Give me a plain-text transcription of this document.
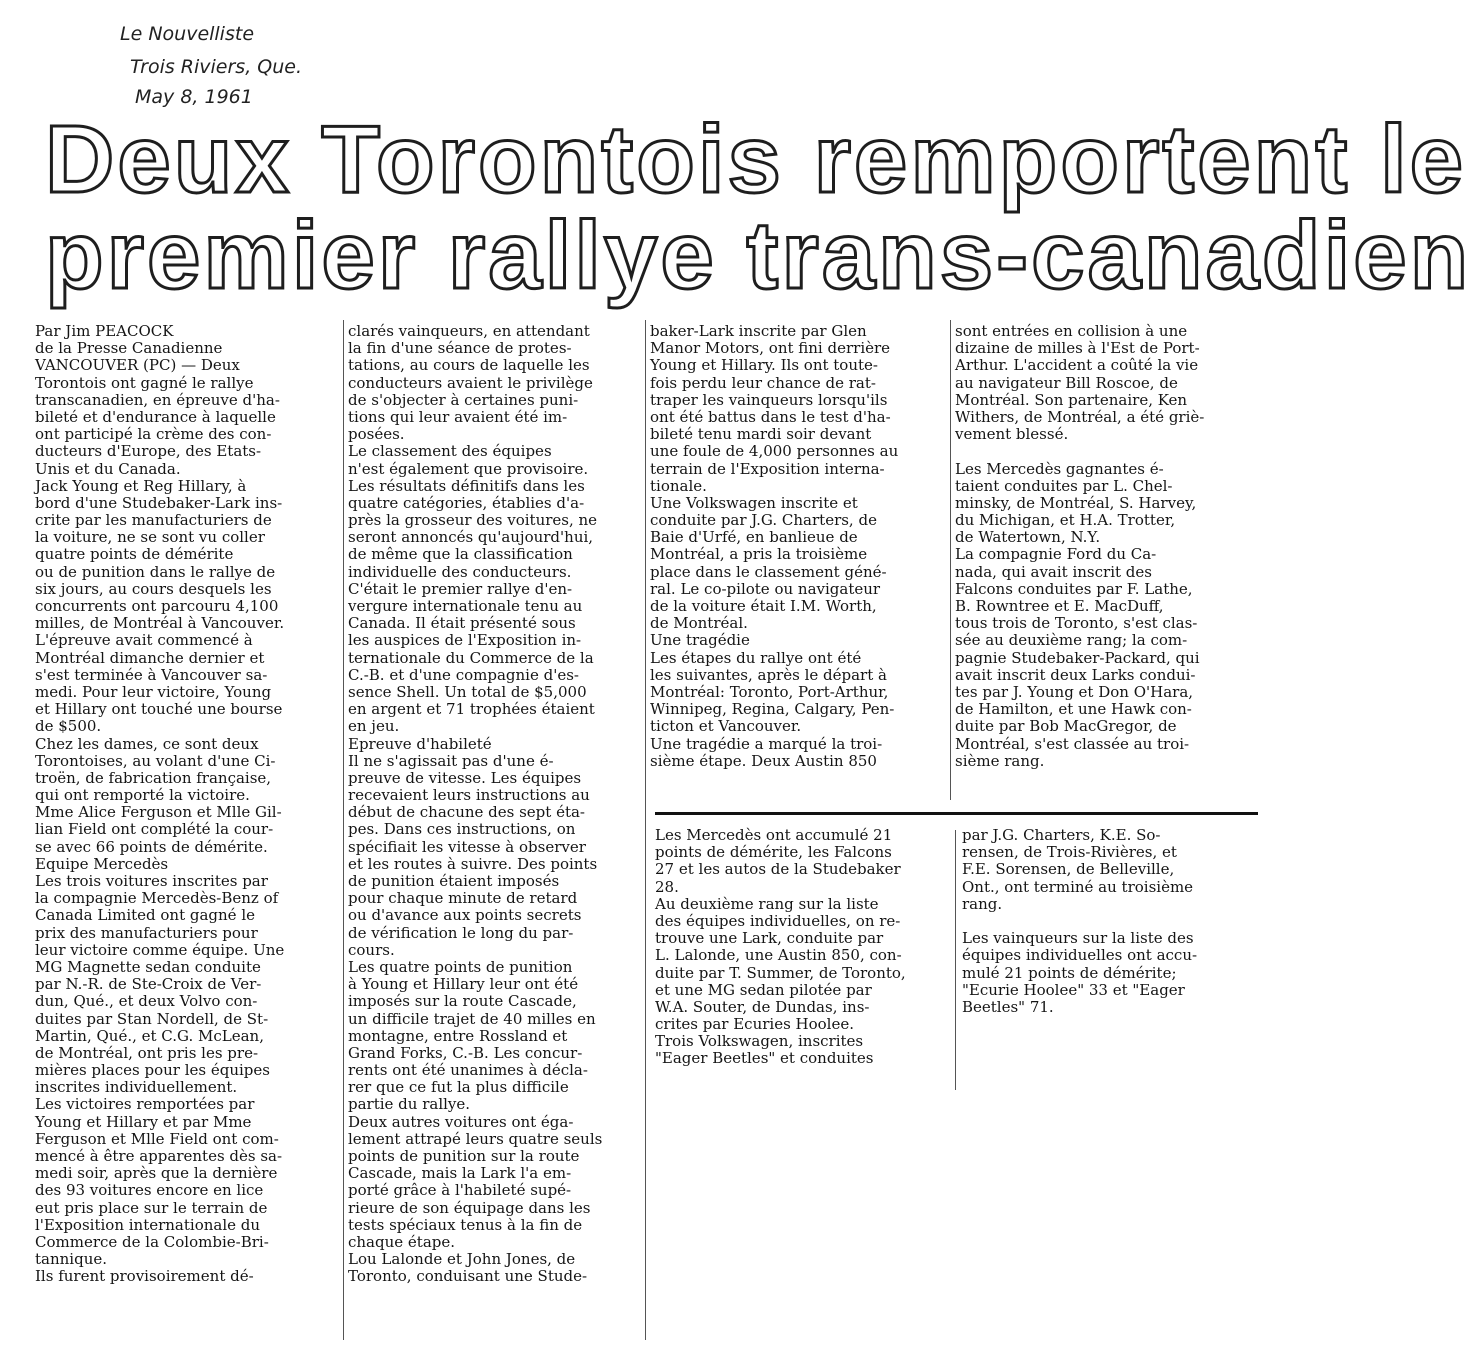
Le Nouvelliste
Trois Riviers, Que.
May 8, 1961
Deux Torontois remportent le
premier rallye trans-canadien
Par Jim PEACOCK
de la Presse Canadienne
VANCOUVER (PC) — Deux
Torontois ont gagné le rallye
transcanadien, en épreuve d'ha-
bileté et d'endurance à laquelle
ont participé la crème des con-
ducteurs d'Europe, des Etats-
Unis et du Canada.
Jack Young et Reg Hillary, à
bord d'une Studebaker-Lark ins-
crite par les manufacturiers de
la voiture, ne se sont vu coller
quatre points de démérite
ou de punition dans le rallye de
six jours, au cours desquels les
concurrents ont parcouru 4,100
milles, de Montréal à Vancouver.
L'épreuve avait commencé à
Montréal dimanche dernier et
s'est terminée à Vancouver sa-
medi. Pour leur victoire, Young
et Hillary ont touché une bourse
de $500.
Chez les dames, ce sont deux
Torontoises, au volant d'une Ci-
troën, de fabrication française,
qui ont remporté la victoire.
Mme Alice Ferguson et Mlle Gil-
lian Field ont complété la cour-
se avec 66 points de démérite.
Equipe Mercedès
Les trois voitures inscrites par
la compagnie Mercedès-Benz of
Canada Limited ont gagné le
prix des manufacturiers pour
leur victoire comme équipe. Une
MG Magnette sedan conduite
par N.-R. de Ste-Croix de Ver-
dun, Qué., et deux Volvo con-
duites par Stan Nordell, de St-
Martin, Qué., et C.G. McLean,
de Montréal, ont pris les pre-
mières places pour les équipes
inscrites individuellement.
Les victoires remportées par
Young et Hillary et par Mme
Ferguson et Mlle Field ont com-
mencé à être apparentes dès sa-
medi soir, après que la dernière
des 93 voitures encore en lice
eut pris place sur le terrain de
l'Exposition internationale du
Commerce de la Colombie-Bri-
tannique.
Ils furent provisoirement dé-
clarés vainqueurs, en attendant
la fin d'une séance de protes-
tations, au cours de laquelle les
conducteurs avaient le privilège
de s'objecter à certaines puni-
tions qui leur avaient été im-
posées.
Le classement des équipes
n'est également que provisoire.
Les résultats définitifs dans les
quatre catégories, établies d'a-
près la grosseur des voitures, ne
seront annoncés qu'aujourd'hui,
de même que la classification
individuelle des conducteurs.
C'était le premier rallye d'en-
vergure internationale tenu au
Canada. Il était présenté sous
les auspices de l'Exposition in-
ternationale du Commerce de la
C.-B. et d'une compagnie d'es-
sence Shell. Un total de $5,000
en argent et 71 trophées étaient
en jeu.
Epreuve d'habileté
Il ne s'agissait pas d'une é-
preuve de vitesse. Les équipes
recevaient leurs instructions au
début de chacune des sept éta-
pes. Dans ces instructions, on
spécifiait les vitesse à observer
et les routes à suivre. Des points
de punition étaient imposés
pour chaque minute de retard
ou d'avance aux points secrets
de vérification le long du par-
cours.
Les quatre points de punition
à Young et Hillary leur ont été
imposés sur la route Cascade,
un difficile trajet de 40 milles en
montagne, entre Rossland et
Grand Forks, C.-B. Les concur-
rents ont été unanimes à décla-
rer que ce fut la plus difficile
partie du rallye.
Deux autres voitures ont éga-
lement attrapé leurs quatre seuls
points de punition sur la route
Cascade, mais la Lark l'a em-
porté grâce à l'habileté supé-
rieure de son équipage dans les
tests spéciaux tenus à la fin de
chaque étape.
Lou Lalonde et John Jones, de
Toronto, conduisant une Stude-
baker-Lark inscrite par Glen
Manor Motors, ont fini derrière
Young et Hillary. Ils ont toute-
fois perdu leur chance de rat-
traper les vainqueurs lorsqu'ils
ont été battus dans le test d'ha-
bileté tenu mardi soir devant
une foule de 4,000 personnes au
terrain de l'Exposition interna-
tionale.
Une Volkswagen inscrite et
conduite par J.G. Charters, de
Baie d'Urfé, en banlieue de
Montréal, a pris la troisième
place dans le classement géné-
ral. Le co-pilote ou navigateur
de la voiture était I.M. Worth,
de Montréal.
Une tragédie
Les étapes du rallye ont été
les suivantes, après le départ à
Montréal: Toronto, Port-Arthur,
Winnipeg, Regina, Calgary, Pen-
ticton et Vancouver.
Une tragédie a marqué la troi-
sième étape. Deux Austin 850
sont entrées en collision à une
dizaine de milles à l'Est de Port-
Arthur. L'accident a coûté la vie
au navigateur Bill Roscoe, de
Montréal. Son partenaire, Ken
Withers, de Montréal, a été griè-
vement blessé.
Les Mercedès gagnantes é-
taient conduites par L. Chel-
minsky, de Montréal, S. Harvey,
du Michigan, et H.A. Trotter,
de Watertown, N.Y.
La compagnie Ford du Ca-
nada, qui avait inscrit des
Falcons conduites par F. Lathe,
B. Rowntree et E. MacDuff,
tous trois de Toronto, s'est clas-
sée au deuxième rang; la com-
pagnie Studebaker-Packard, qui
avait inscrit deux Larks condui-
tes par J. Young et Don O'Hara,
de Hamilton, et une Hawk con-
duite par Bob MacGregor, de
Montréal, s'est classée au troi-
sième rang.
Les Mercedès ont accumulé 21
points de démérite, les Falcons
27 et les autos de la Studebaker
28.
Au deuxième rang sur la liste
des équipes individuelles, on re-
trouve une Lark, conduite par
L. Lalonde, une Austin 850, con-
duite par T. Summer, de Toronto,
et une MG sedan pilotée par
W.A. Souter, de Dundas, ins-
crites par Ecuries Hoolee.
Trois Volkswagen, inscrites
"Eager Beetles" et conduites
par J.G. Charters, K.E. So-
rensen, de Trois-Rivières, et
F.E. Sorensen, de Belleville,
Ont., ont terminé au troisième
rang.
Les vainqueurs sur la liste des
équipes individuelles ont accu-
mulé 21 points de démérite;
"Ecurie Hoolee" 33 et "Eager
Beetles" 71.
